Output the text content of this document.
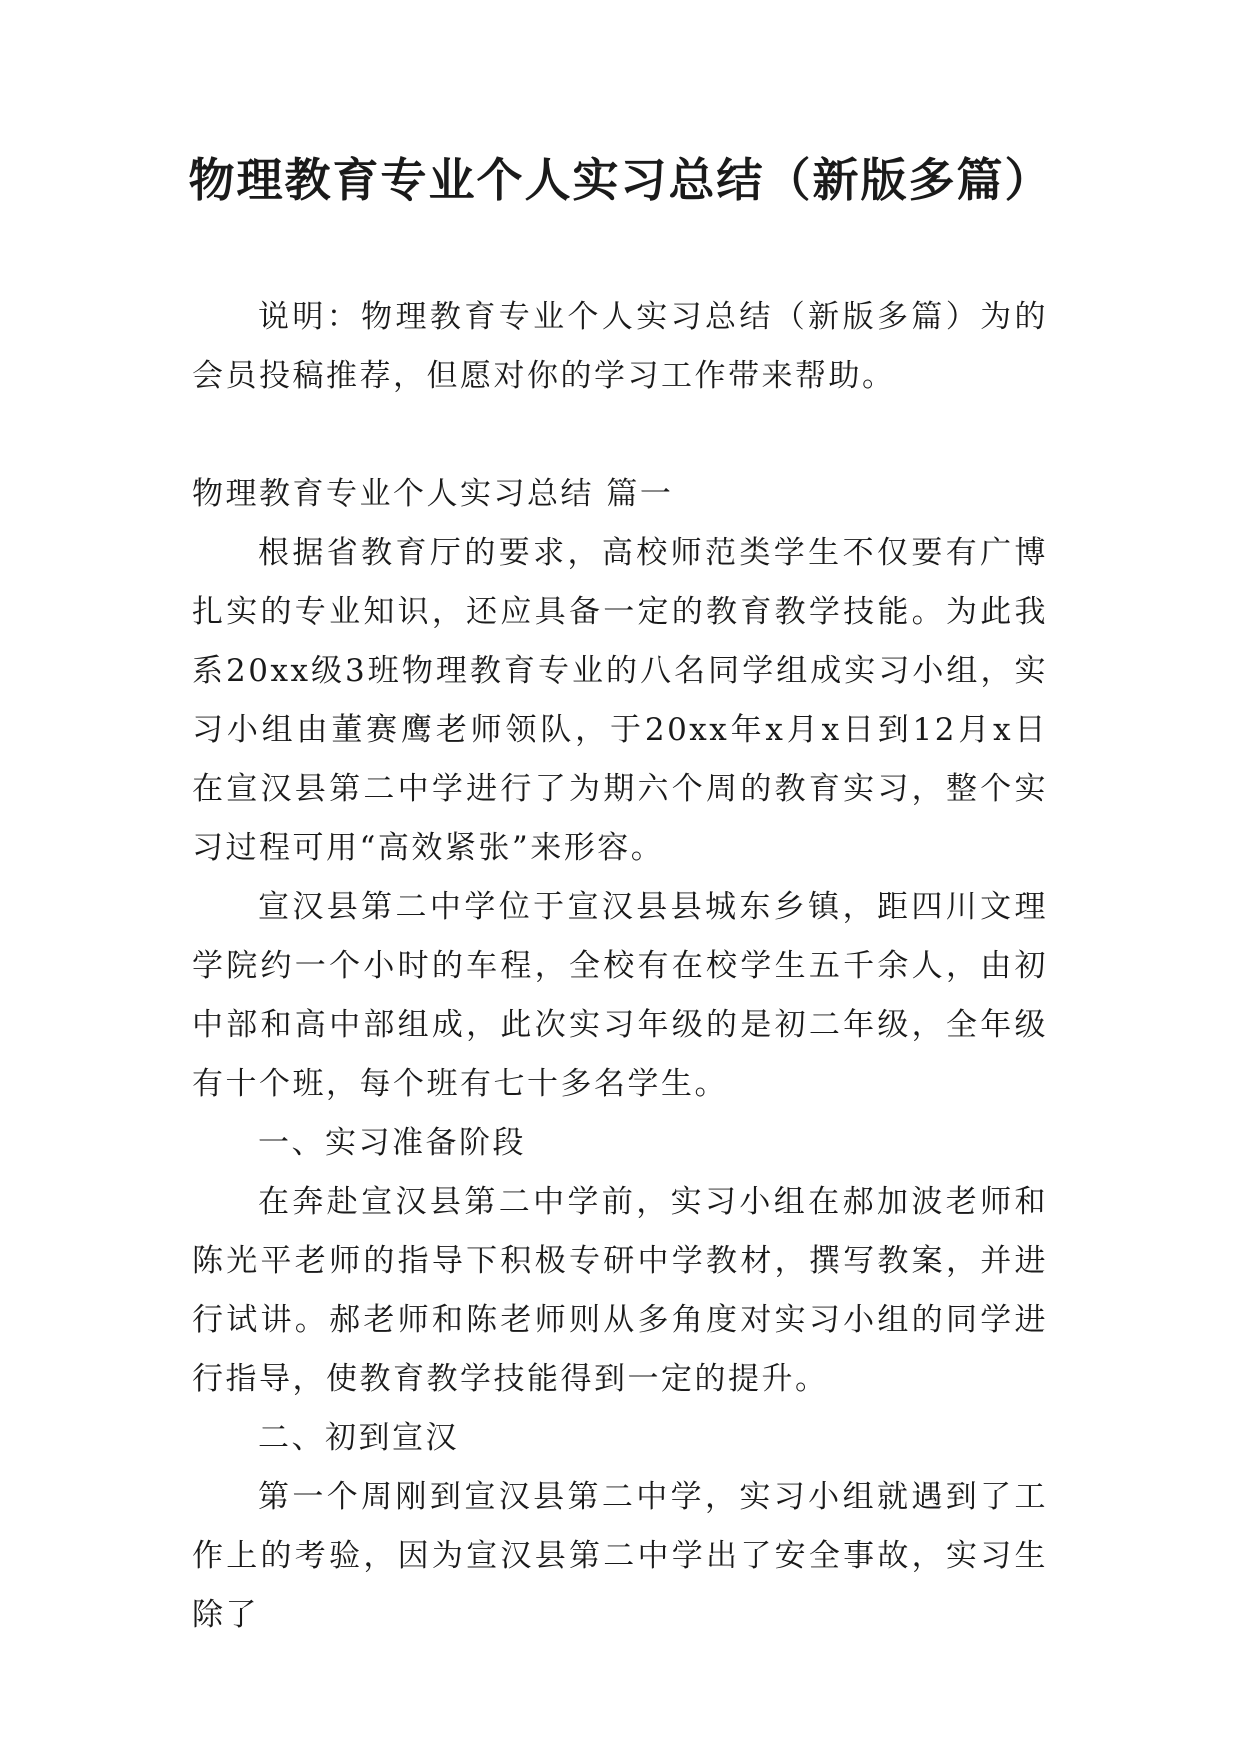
物理教育专业个人实习总结（新版多篇）

说明：物理教育专业个人实习总结（新版多篇）为的会员投稿推荐，但愿对你的学习工作带来帮助。

物理教育专业个人实习总结 篇一

根据省教育厅的要求，高校师范类学生不仅要有广博扎实的专业知识，还应具备一定的教育教学技能。为此我系20xx级3班物理教育专业的八名同学组成实习小组，实习小组由董赛鹰老师领队，于20xx年x月x日到12月x日在宣汉县第二中学进行了为期六个周的教育实习，整个实习过程可用“高效紧张”来形容。

宣汉县第二中学位于宣汉县县城东乡镇，距四川文理学院约一个小时的车程，全校有在校学生五千余人，由初中部和高中部组成，此次实习年级的是初二年级，全年级有十个班，每个班有七十多名学生。

一、实习准备阶段

在奔赴宣汉县第二中学前，实习小组在郝加波老师和陈光平老师的指导下积极专研中学教材，撰写教案，并进行试讲。郝老师和陈老师则从多角度对实习小组的同学进行指导，使教育教学技能得到一定的提升。

二、初到宣汉

第一个周刚到宣汉县第二中学，实习小组就遇到了工作上的考验，因为宣汉县第二中学出了安全事故，实习生除了
